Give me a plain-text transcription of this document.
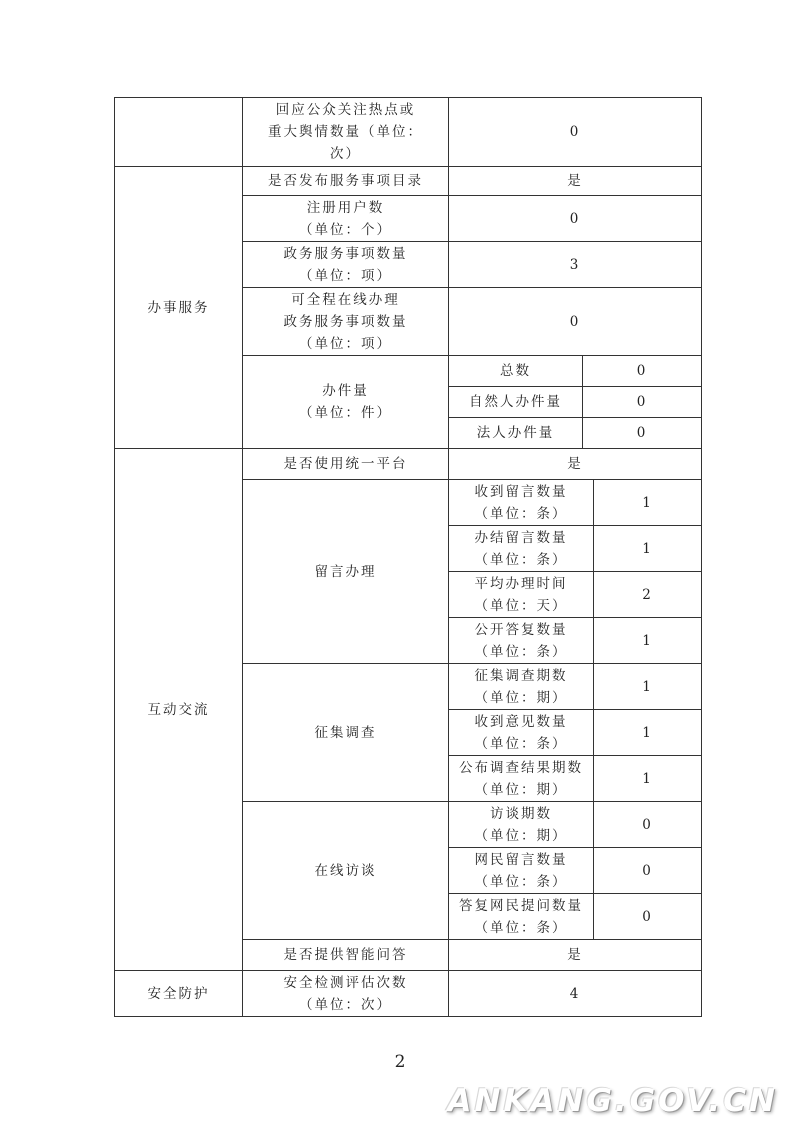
	回应公众关注热点或
重大舆情数量（单位：
次）	0		
办事服务	是否发布服务事项目录	是		
	注册用户数
（单位：个）	0		
	政务服务事项数量
（单位：项）	3		
	可全程在线办理
政务服务事项数量
（单位：项）	0		
	办件量
（单位：件）	总数	0	
		自然人办件量	0	
		法人办件量	0	
互动交流	是否使用统一平台	是		
	留言办理	收到留言数量
（单位：条）		1
		办结留言数量
（单位：条）		1
		平均办理时间
（单位：天）		2
		公开答复数量
（单位：条）		1
	征集调查	征集调查期数
（单位：期）		1
		收到意见数量
（单位：条）		1
		公布调查结果期数
（单位：期）		1
	在线访谈	访谈期数
（单位：期）		0
		网民留言数量
（单位：条）		0
		答复网民提问数量
（单位：条）		0
	是否提供智能问答	是		
安全防护	安全检测评估次数
（单位：次）	4		
2
ANKANG.GOV.CN
